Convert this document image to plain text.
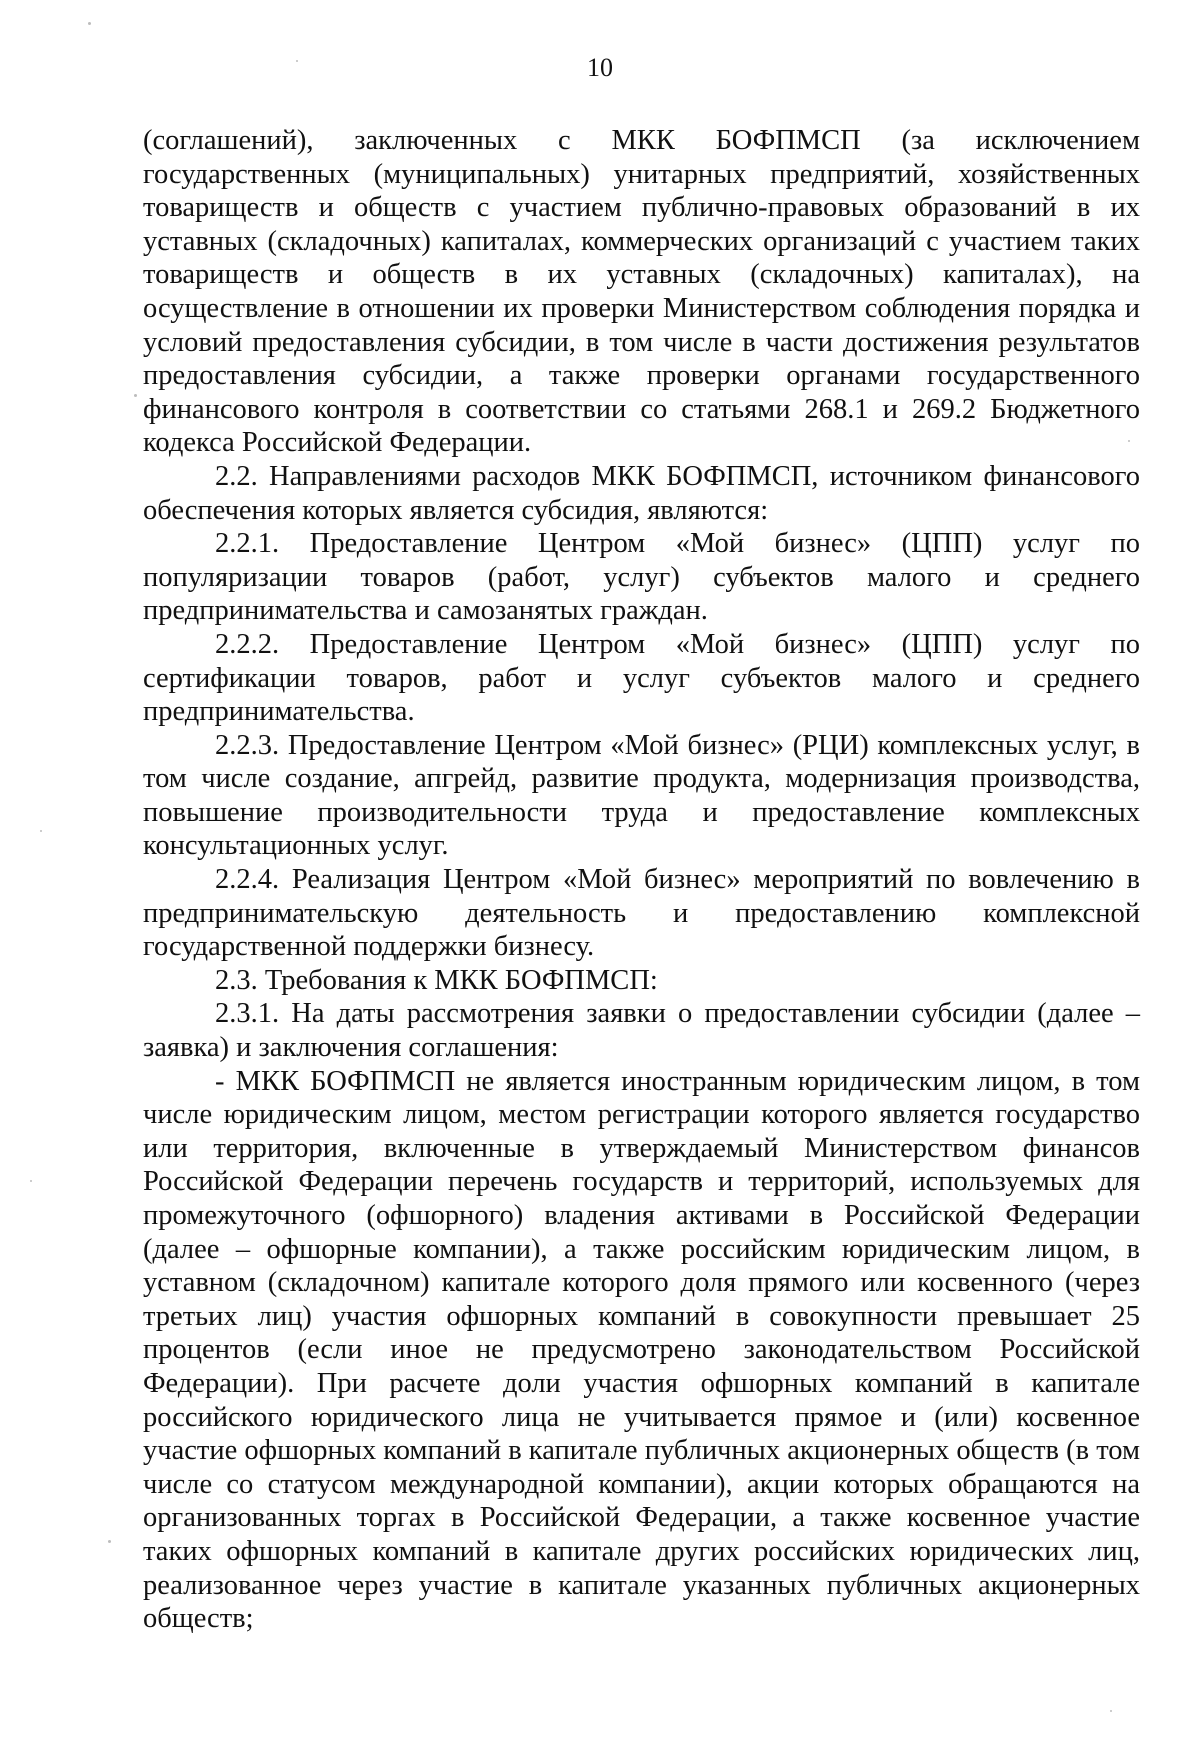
10

(соглашений), заключенных с МКК БОФПМСП (за исключением государственных (муниципальных) унитарных предприятий, хозяйственных товариществ и обществ с участием публично-правовых образований в их уставных (складочных) капиталах, коммерческих организаций с участием таких товариществ и обществ в их уставных (складочных) капиталах), на осуществление в отношении их проверки Министерством соблюдения порядка и условий предоставления субсидии, в том числе в части достижения результатов предоставления субсидии, а также проверки органами государственного финансового контроля в соответствии со статьями 268.1 и 269.2 Бюджетного кодекса Российской Федерации.

2.2. Направлениями расходов МКК БОФПМСП, источником финансового обеспечения которых является субсидия, являются:

2.2.1. Предоставление Центром «Мой бизнес» (ЦПП) услуг по популяризации товаров (работ, услуг) субъектов малого и среднего предпринимательства и самозанятых граждан.

2.2.2. Предоставление Центром «Мой бизнес» (ЦПП) услуг по сертификации товаров, работ и услуг субъектов малого и среднего предпринимательства.

2.2.3. Предоставление Центром «Мой бизнес» (РЦИ) комплексных услуг, в том числе создание, апгрейд, развитие продукта, модернизация производства, повышение производительности труда и предоставление комплексных консультационных услуг.

2.2.4. Реализация Центром «Мой бизнес» мероприятий по вовлечению в предпринимательскую деятельность и предоставлению комплексной государственной поддержки бизнесу.

2.3. Требования к МКК БОФПМСП:

2.3.1. На даты рассмотрения заявки о предоставлении субсидии (далее – заявка) и заключения соглашения:

- МКК БОФПМСП не является иностранным юридическим лицом, в том числе юридическим лицом, местом регистрации которого является государство или территория, включенные в утверждаемый Министерством финансов Российской Федерации перечень государств и территорий, используемых для промежуточного (офшорного) владения активами в Российской Федерации (далее – офшорные компании), а также российским юридическим лицом, в уставном (складочном) капитале которого доля прямого или косвенного (через третьих лиц) участия офшорных компаний в совокупности превышает 25 процентов (если иное не предусмотрено законодательством Российской Федерации). При расчете доли участия офшорных компаний в капитале российского юридического лица не учитывается прямое и (или) косвенное участие офшорных компаний в капитале публичных акционерных обществ (в том числе со статусом международной компании), акции которых обращаются на организованных торгах в Российской Федерации, а также косвенное участие таких офшорных компаний в капитале других российских юридических лиц, реализованное через участие в капитале указанных публичных акционерных обществ;
